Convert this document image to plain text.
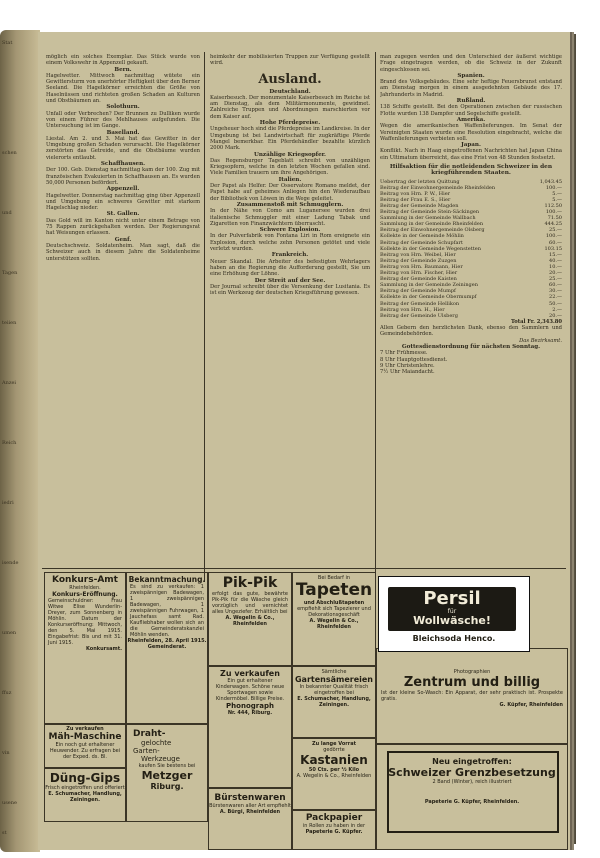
Stat
schen
und
Tagen
teiien
Anzei
Reich
iedri
isende
umen
ffuz
vin
usene
st
möglich ein solches Exemplar. Das Stück wurde von einem Volkswehr in Appenzell gekauft.
Bern.
Hagelwetter. Mittwoch nachmittag wütete ein Gewittersturm von unerhörter Heftigkeit über den Berner Seeland. Die Hagelkörner erreichten die Größe von Haselnüssen und richteten großen Schaden an Kulturen und Obstbäumen an.
Solothurn.
Unfall oder Verbrechen? Der Brunnen zu Dulliken wurde von einem Führer des Mehlhauses aufgefunden. Die Untersuchung ist im Gange.
Baselland.
Liestal. Am 2. und 3. Mai hat das Gewitter in der Umgebung großen Schaden verursacht. Die Hagelkörner zerstörten das Getreide, und die Obstbäume wurden vielerorts entlaubt.
Schaffhausen.
Der 100. Geb. Dienstag nachmittag kam der 100. Zug mit französischen Evakuierten in Schaffhausen an. Es wurden 50,000 Personen befördert.
Appenzell.
Hagelwetter. Donnerstag nachmittag ging über Appenzell und Umgebung ein schweres Gewitter mit starkem Hagelschlag nieder.
St. Gallen.
Das Gold will im Kanton nicht unter einem Betrage von 75 Rappen zurückgehalten werden. Der Regierungsrat hat Weisungen erlassen.
Genf.
Deutschschweiz. Soldatenheim. Man sagt, daß die Schweizer auch in diesem Jahre die Soldatenheime unterstützen sollten.
heimkehr der mobilisierten Truppen zur Verfügung gestellt wird.
Ausland.
Deutschland.
Kaiserbesuch. Der monumentale Kaiserbesuch im Reiche ist am Dienstag, als dem Militärmonumente, gewidmet. Zahlreiche Truppen und Abordnungen marschierten vor dem Kaiser auf.
Hohe Pferdepreise.
Ungeheuer hoch sind die Pferdepreise im Landkreise. In der Umgebung ist bei Landwirtschaft für zugkräftige Pferde Mangel bemerkbar. Ein Pferdehändler bezahlte kürzlich 2000 Mark.
Unzählige Kriegsopfer.
Das Regensburger Tageblatt schreibt von unzähligen Kriegsopfern, welche in den letzten Wochen gefallen sind. Viele Familien trauern um ihre Angehörigen.
Italien.
Der Papst als Helfer. Der Osservatore Romano meldet, der Papst habe auf geheimes Anliegen hin den Wiederaufbau der Bibliothek von Löwen in die Wege geleitet.
Zusammenstoß mit Schmugglern.
In der Nähe von Como am Luganersee wurden drei italienische Schmuggler mit einer Ladung Tabak und Zigaretten von Finanzwächtern überrascht.
Schwere Explosion.
In der Pulverfabrik von Fontana Liri in Rom ereignete ein Explosion, durch welche zehn Personen getötet und viele verletzt wurden.
Frankreich.
Neuer Skandal. Die Arbeiter des befestigten Wehrlagers haben an die Regierung die Aufforderung gestellt, Sie um eine Erhöhung der Löhne.
Der Streit auf der See.
Der Journal schreibt über die Versenkung der Lusitania. Es ist ein Werkzeug der deutschen Kriegsführung gewesen.
man zugegen werden und den Unterschied der äußerst wichtige Frage eingetragen werden, ob die Schweiz in der Zukunft eingeschlossen sei.
Spanien.
Brand des Volksgebäudes. Eine sehr heftige Feuersbrunst entstand am Dienstag morgen in einem ausgedehnten Gebäude des 17. Jahrhunderts in Madrid.
Rußland.
138 Schiffe gestellt. Bei den Operationen zwischen der russischen Flotte wurden 138 Dampfer und Segelschiffe gestellt.
Amerika.
Wegen die amerikanischen Waffenlieferungen. Im Senat der Vereinigten Staaten wurde eine Resolution eingebracht, welche die Waffenlieferungen verbieten soll.
Japan.
Konflikt. Nach in Haag eingetroffenen Nachrichten hat Japan China ein Ultimatum überreicht, das eine Frist von 48 Stunden festsetzt.
Hilfsaktion für die notleidenden Schweizer in den kriegführenden Staaten.
Uebertrag der letzten Quittung	1,043.45
Beitrag der Einwohnergemeinde Rheinfelden	100.—
Beitrag von Hrn. P. W., Hier	5.—
Beitrag der Frau E. S., Hier	5.—
Beitrag der Gemeinde Magden	112.50
Beitrag der Gemeinde Stein-Säckingen	100.—
Sammlung in der Gemeinde Wallbach	71.50
Sammlung in der Gemeinde Rheinfelden	444.25
Beitrag der Einwohnergemeinde Olsberg	25.—
Kollekte in der Gemeinde Möhlin	100.—
Beitrag der Gemeinde Schupfart	60.—
Kollekte in der Gemeinde Wegenstetten	103.15
Beitrag von Hrn. Weibel, Hier	15.—
Beitrag der Gemeinde Zuzgen	40.—
Beitrag von Hrn. Baumann, Hier	10.—
Beitrag von Hrn. Fischer, Hier	20.—
Beitrag der Gemeinde Kaisten	25.—
Sammlung in der Gemeinde Zeiningen	60.—
Beitrag der Gemeinde Mumpf	30.—
Kollekte in der Gemeinde Obermumpf	22.—
Beitrag der Gemeinde Hellikon	50.—
Beitrag von Hrn. H., Hier	2.—
Beitrag der Gemeinde Ulsberg	20.—
Total Fr. 2,343.80
Allen Gebern den herzlichsten Dank, ebenso den Sammlern und Gemeindebehörden.
Das Bezirksamt.
Gottesdienstordnung für nächsten Sonntag.
7 Uhr Frühmesse.
8 Uhr Hauptgottesdienst.
9 Uhr Christenlehre.
7½ Uhr Maiandacht.
Konkurs-Amt
Rheinfelden.
Konkurs-Eröffnung.
Gemeinschuldner: Frau Witwe Elise Wunderlin-Dreyer, zum Sonnenberg in Möhlin. Datum der Konkurseröffnung: Mittwoch, den 5. Mai 1915. Eingabefrist: Bis und mit 31. Juni 1915.
Konkursamt.
Bekanntmachung.
Es sind zu verkaufen: 1 zweispännigen Badewagen, 1 zweispännigen Badewagen, 1 zweispännigen Fuhrwagen, 1 Jauchefass samt Rad. Kaufliebhaber wollen sich an die Gemeinderatskanzlei Möhlin wenden.
Rheinfelden, 28. April 1915. Gemeinderat.
Pik-Pik
erfolgt das gute, bewährte Pik-Pik für die Wäsche gleich vorzüglich und vernichtet alles Ungeziefer. Erhältlich bei
A. Wegelin & Co., Rheinfelden
Bei Bedarf in
Tapeten
und Abschlußtapeten
empfiehlt sich Tapezierer und Dekorationsgeschäft
A. Wegelin & Co., Rheinfelden
Zu verkaufen
Ein gut erhaltener Kinderwagen. Schöne neue Sportwagen sowie Kindermöbel. Billige Preise.
Phonograph
Nr. 444, Riburg.
Sämtliche
Gartensämereien
In bekannter Qualität frisch eingetroffen bei
E. Schumacher, Handlung, Zeiningen.
Zu verkaufen
Mäh-Maschine
Ein noch gut erhaltener Heuwender. Zu erfragen bei der Exped. ds. Bl.
Draht-
gelochte
Garten-
Werkzeuge
kaufen Sie bestens bei
Metzger
Riburg.
Düng-Gips
Frisch eingetroffen und offeriert
E. Schumacher, Handlung, Zeiningen.	Bürstenwaren
Bürstenwaren aller Art empfiehlt
A. Bürgi, Rheinfelden
Zu lange Vorrat
gedörrte
Kastanien
50 Cts. per ½ Kilo
A. Wegelin & Co., Rheinfelden
Packpapier
in Rollen zu haben in der
Papeterie G. Küpfer.
Photographien
Zentrum und billig
Ist der kleine So-Wasch: Ein Apparat, der sehr praktisch ist. Prospekte gratis.
G. Küpfer, Rheinfelden
Neu eingetroffen:
Schweizer Grenzbesetzung
2 Band (Winter), reich illustriert
Papeterie G. Küpfer, Rheinfelden.
Persil
für
Wollwäsche!
Bleichsoda Henco.
